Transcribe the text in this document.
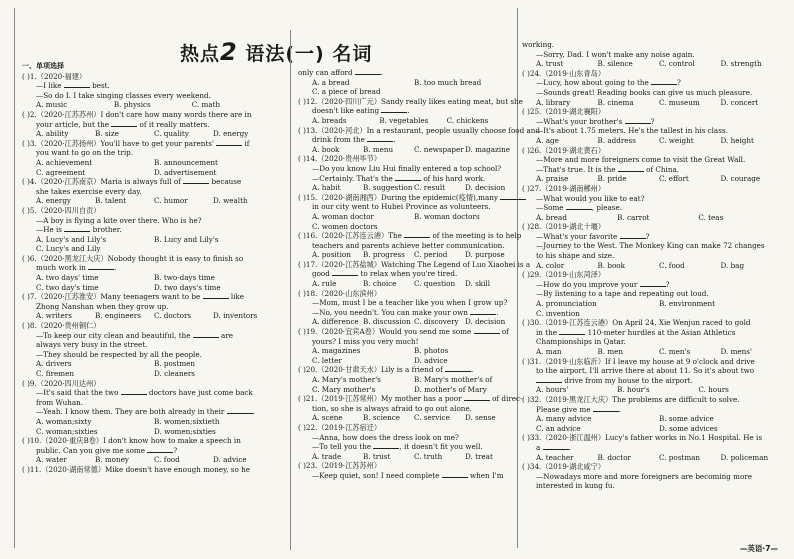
热点2 语法(一) 名词
一、单项选择
( )1.（2020·福建）
—I like	best.
—So do I. I take singing classes every weekend.
A. music	B. physics	C. math
( )2.（2020·江苏苏州）I don't care how many words there are in
your article, but the	of it really matters.
A. ability	B. size	C. quality	D. energy
( )3.（2020·江苏扬州）You'll have to get your parents'	if
you want to go on the trip.
A. achievement	B. announcement
C. agreement	D. advertisement
( )4.（2020·江苏南京）Maria is always full of	because
she takes exercise every day.
A. energy	B. talent	C. humor	D. wealth
( )5.（2020·四川自贡）
—A boy is flying a kite over there. Who is he?
—He is	brother.
A. Lucy's and Lily's	B. Lucy and Lily's
C. Lucy's and Lily
( )6.（2020·黑龙江大庆）Nobody thought it is easy to finish so
much work in	.
A. two days' time	B. two-days time
C. two day's time	D. two days's time
( )7.（2020·江苏淮安）Many teenagers want to be	like
Zhong Nanshan when they grow up.
A. writers	B. engineers	C. doctors	D. inventors
( )8.（2020·贵州铜仁）
—To keep our city clean and beautiful, the	are
always very busy in the street.
—They should be respected by all the people.
A. drivers	B. postmen
C. firemen	D. cleaners
( )9.（2020·四川达州）
—It's said that the two	doctors have just come back
from Wuhan.
—Yeah. I know them. They are both already in their	.
A. woman;sixty	B. women;sixtieth
C. woman;sixties	D. women;sixties
( )10.（2020·重庆B卷）I don't know how to make a speech in
public. Can you give me some	?
A. water	B. money	C. food	D. advice
( )11.（2020·湖南常德）Mike doesn't have enough money, so he
only can afford	.
A. a bread	B. too much bread
C. a piece of bread
( )12.（2020·四川广元）Sandy really likes eating meat, but she
doesn't like eating	.
A. breads	B. vegetables	C. chickens
( )13.（2020·河北）In a restaurant, people usually choose food and
drink from the	.
A. book	B. menu	C. newspaper D. magazine
( )14.（2020·贵州毕节）
—Do you know Liu Hui finally entered a top school?
—Certainly. That's the	of his hard work.
A. habit	B. suggestion C. result	D. decision
( )15.（2020·湖南湘西）During the epidemic(疫情),many
in our city went to Hubei Province as volunteers.
A. woman doctor	B. woman doctors
C. women doctors
( )16.（2020·江苏连云港）The	of the meeting is to help
teachers and parents achieve better communication.
A. position	B. progress	C. period	D. purpose
( )17.（2020·江苏盐城）Watching The Legend of Luo Xiaohei is a
good	to relax when you're tired.
A. rule	B. choice	C. question	D. skill
( )18.（2020·山东滨州）
—Mom, must I be a teacher like you when I grow up?
—No, you needn't. You can make your own	.
A. difference B. discussion C. discovery D. decision
( )19.（2020·宜宾A卷）Would you send me some	of
yours? I miss you very much!
A. magazines	B. photos
C. letter	D. advice
( )20.（2020·甘肃天水）Lily is a friend of	.
A. Mary's mother's	B. Mary's mother's of
C. Mary mother's	D. mother's of Mary
( )21.（2019·江苏常州）My mother has a poor	of direc-
tion, so she is always afraid to go out alone.
A. scene	B. science	C. service	D. sense
( )22.（2019·江苏宿迁）
—Anna, how does the dress look on me?
—To tell you the	, it doesn't fit you well.
A. trade	B. trust	C. truth	D. treat
( )23.（2019·江苏苏州）
—Keep quiet, son! I need complete	when I'm
working.
—Sorry, Dad. I won't make any noise again.
A. trust	B. silence	C. control	D. strength
( )24.（2019·山东青岛）
—Lucy, how about going to the	?
—Sounds great! Reading books can give us much pleasure.
A. library	B. cinema	C. museum	D. concert
( )25.（2019·湖北襄阳）
—What's your brother's	?
—It's about 1.75 meters. He's the tallest in his class.
A. age	B. address	C. weight	D. height
( )26.（2019·湖北黄石）
—More and more foreigners come to visit the Great Wall.
—That's true. It is the	of China.
A. praise	B. pride	C. effort	D. courage
( )27.（2019·湖南郴州）
—What would you like to eat?
—Some	, please.
A. bread	B. carrot	C. teas
( )28.（2019·湖北十堰）
—What's your favorite	?
—Journey to the West. The Monkey King can make 72 changes
to his shape and size.
A. color	B. book	C. food	D. bag
( )29.（2019·山东菏泽）
—How do you improve your	?
—By listening to a tape and repeating out loud.
A. pronunciation	B. environment
C. invention
( )30.（2019·江苏连云港）On April 24, Xie Wenjun raced to gold
in the	110-meter hurdles at the Asian Athletics
Championships in Qatar.
A. man	B. men	C. men's	D. mens'
( )31.（2019·山东临沂）If I leave my house at 9 o'clock and drive
to the airport, I'll arrive there at about 11. So it's about two
drive from my house to the airport.
A. hours'	B. hour's	C. hours
( )32.（2019·黑龙江大庆）The problems are difficult to solve.
Please give me	.
A. many advice	B. some advice
C. an advice	D. some advices
( )33.（2020·浙江温州）Lucy's father works in No.1 Hospital. He is
a	.
A. teacher	B. doctor	C. postman	D. policeman
( )34.（2019·湖北咸宁）
—Nowadays more and more foreigners are becoming more
interested in kung fu.
—英语·7—
